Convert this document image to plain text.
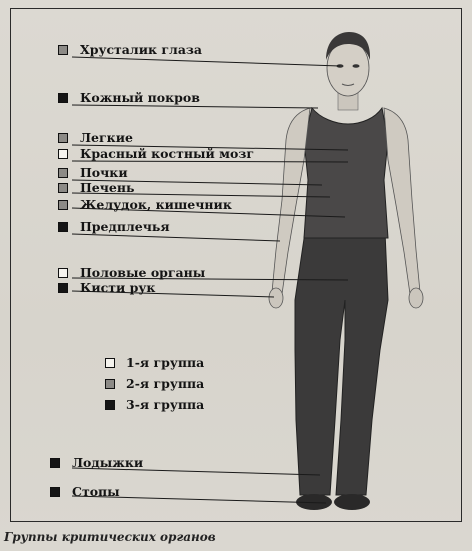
Хрусталик глаза
Кожный покров
Легкие
Красный костный мозг
Почки
Печень
Желудок, кишечник
Предплечья
Половые органы
Кисти рук
Лодыжки
Стопы
1-я группа
2-я группа
3-я группа
Группы критических органов
